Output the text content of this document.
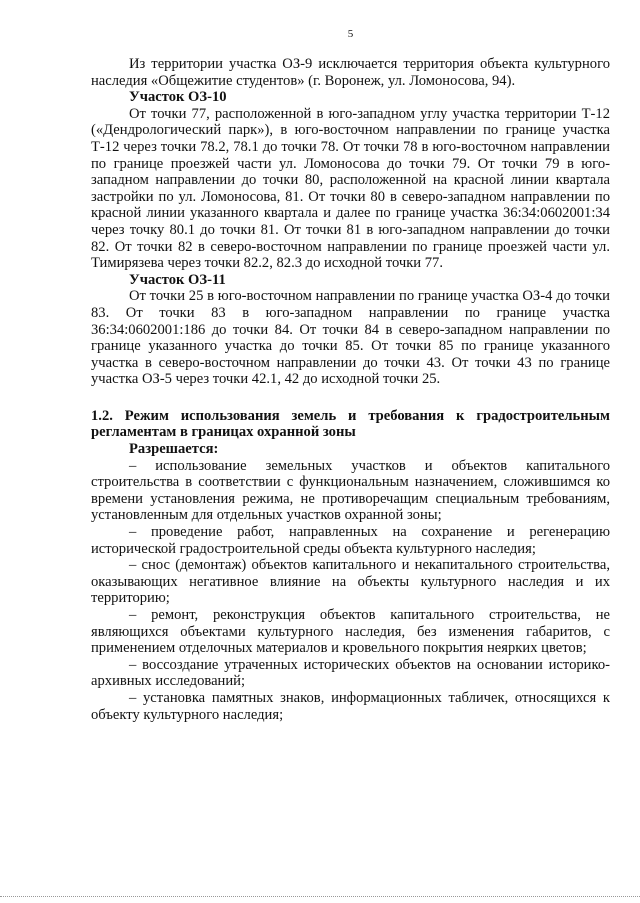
5

Из территории участка ОЗ-9 исключается территория объекта культурного наследия «Общежитие студентов» (г. Воронеж, ул. Ломоносова, 94).

Участок ОЗ-10

От точки 77, расположенной в юго-западном углу участка территории Т-12 («Дендрологический парк»), в юго-восточном направлении по границе участка Т-12 через точки 78.2, 78.1 до точки 78. От точки 78 в юго-восточном направлении по границе проезжей части ул. Ломоносова до точки 79. От точки 79 в юго-западном направлении до точки 80, расположенной на красной линии квартала застройки по ул. Ломоносова, 81. От точки 80 в северо-западном направлении по красной линии указанного квартала и далее по границе участка 36:34:0602001:34 через точку 80.1 до точки 81. От точки 81 в юго-западном направлении до точки 82. От точки 82 в северо-восточном направлении по границе проезжей части ул. Тимирязева через точки 82.2, 82.3 до исходной точки 77.

Участок ОЗ-11

От точки 25 в юго-восточном направлении по границе участка ОЗ-4 до точки 83. От точки 83 в юго-западном направлении по границе участка 36:34:0602001:186 до точки 84. От точки 84 в северо-западном направлении по границе указанного участка до точки 85. От точки 85 по границе указанного участка в северо-восточном направлении до точки 43. От точки 43 по границе участка ОЗ-5 через точки 42.1, 42 до исходной точки 25.

1.2. Режим использования земель и требования к градостроительным регламентам в границах охранной зоны
Разрешается:

– использование земельных участков и объектов капитального строительства в соответствии с функциональным назначением, сложившимся ко времени установления режима, не противоречащим специальным требованиям, установленным для отдельных участков охранной зоны;

– проведение работ, направленных на сохранение и регенерацию исторической градостроительной среды объекта культурного наследия;

– снос (демонтаж) объектов капитального и некапитального строительства, оказывающих негативное влияние на объекты культурного наследия и их территорию;

– ремонт, реконструкция объектов капитального строительства, не являющихся объектами культурного наследия, без изменения габаритов, с применением отделочных материалов и кровельного покрытия неярких цветов;

– воссоздание утраченных исторических объектов на основании историко-архивных исследований;

– установка памятных знаков, информационных табличек, относящихся к объекту культурного наследия;
